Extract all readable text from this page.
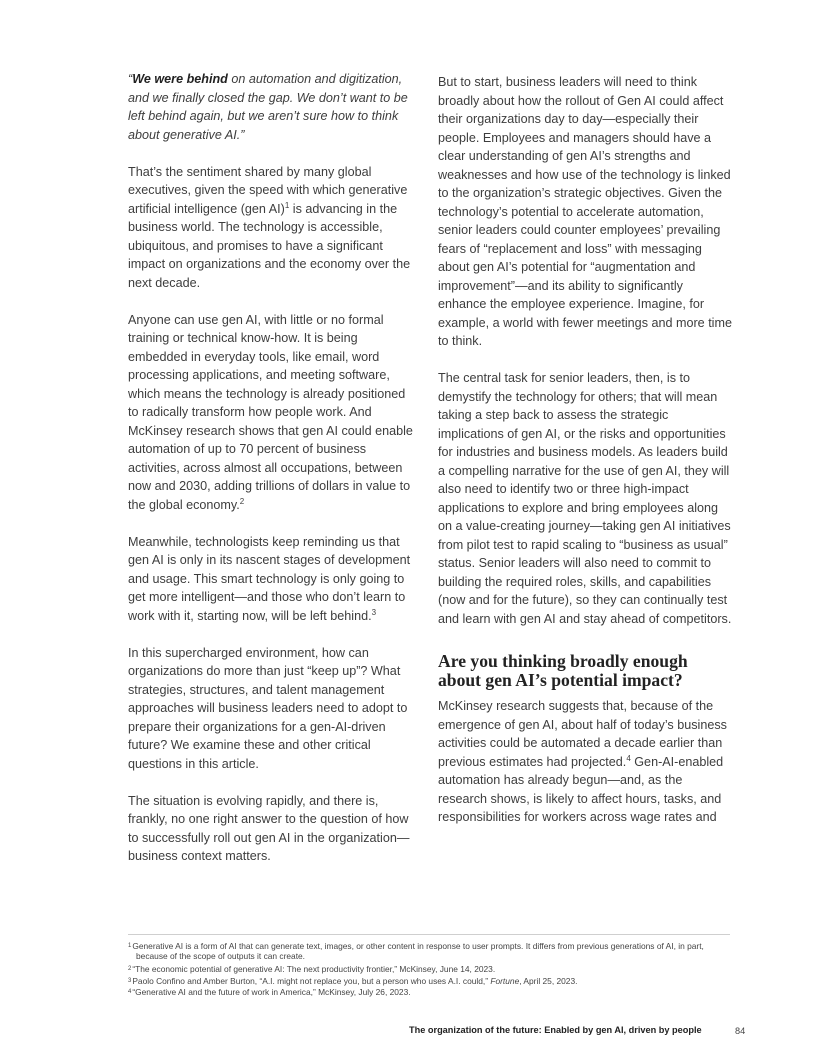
“We were behind on automation and digitization, and we finally closed the gap. We don’t want to be left behind again, but we aren’t sure how to think about generative AI.”

That’s the sentiment shared by many global executives, given the speed with which generative artificial intelligence (gen AI)$^1$ is advancing in the business world. The technology is accessible, ubiquitous, and promises to have a significant impact on organizations and the economy over the next decade.

Anyone can use gen AI, with little or no formal training or technical know-how. It is being embedded in everyday tools, like email, word processing applications, and meeting software, which means the technology is already positioned to radically transform how people work. And McKinsey research shows that gen AI could enable automation of up to 70 percent of business activities, across almost all occupations, between now and 2030, adding trillions of dollars in value to the global economy.$^2$

Meanwhile, technologists keep reminding us that gen AI is only in its nascent stages of development and usage. This smart technology is only going to get more intelligent—and those who don’t learn to work with it, starting now, will be left behind.$^3$

In this supercharged environment, how can organizations do more than just “keep up”? What strategies, structures, and talent management approaches will business leaders need to adopt to prepare their organizations for a gen-AI-driven future? We examine these and other critical questions in this article.

The situation is evolving rapidly, and there is, frankly, no one right answer to the question of how to successfully roll out gen AI in the organization—business context matters.

But to start, business leaders will need to think broadly about how the rollout of Gen AI could affect their organizations day to day—especially their people. Employees and managers should have a clear understanding of gen AI’s strengths and weaknesses and how use of the technology is linked to the organization’s strategic objectives. Given the technology’s potential to accelerate automation, senior leaders could counter employees’ prevailing fears of “replacement and loss” with messaging about gen AI’s potential for “augmentation and improvement”—and its ability to significantly enhance the employee experience. Imagine, for example, a world with fewer meetings and more time to think.

The central task for senior leaders, then, is to demystify the technology for others; that will mean taking a step back to assess the strategic implications of gen AI, or the risks and opportunities for industries and business models. As leaders build a compelling narrative for the use of gen AI, they will also need to identify two or three high-impact applications to explore and bring employees along on a value-creating journey—taking gen AI initiatives from pilot test to rapid scaling to “business as usual” status. Senior leaders will also need to commit to building the required roles, skills, and capabilities (now and for the future), so they can continually test and learn with gen AI and stay ahead of competitors.

Are you thinking broadly enough about gen AI’s potential impact?

McKinsey research suggests that, because of the emergence of gen AI, about half of today’s business activities could be automated a decade earlier than previous estimates had projected.$^4$ Gen-AI-enabled automation has already begun—and, as the research shows, is likely to affect hours, tasks, and responsibilities for workers across wage rates and

$^1$Generative AI is a form of AI that can generate text, images, or other content in response to user prompts. It differs from previous generations of AI, in part, because of the scope of outputs it can create.
$^2$“The economic potential of generative AI: The next productivity frontier,” McKinsey, June 14, 2023.
$^3$Paolo Confino and Amber Burton, “A.I. might not replace you, but a person who uses A.I. could,” Fortune, April 25, 2023.
$^4$“Generative AI and the future of work in America,” McKinsey, July 26, 2023.
The organization of the future: Enabled by gen AI, driven by people	84
